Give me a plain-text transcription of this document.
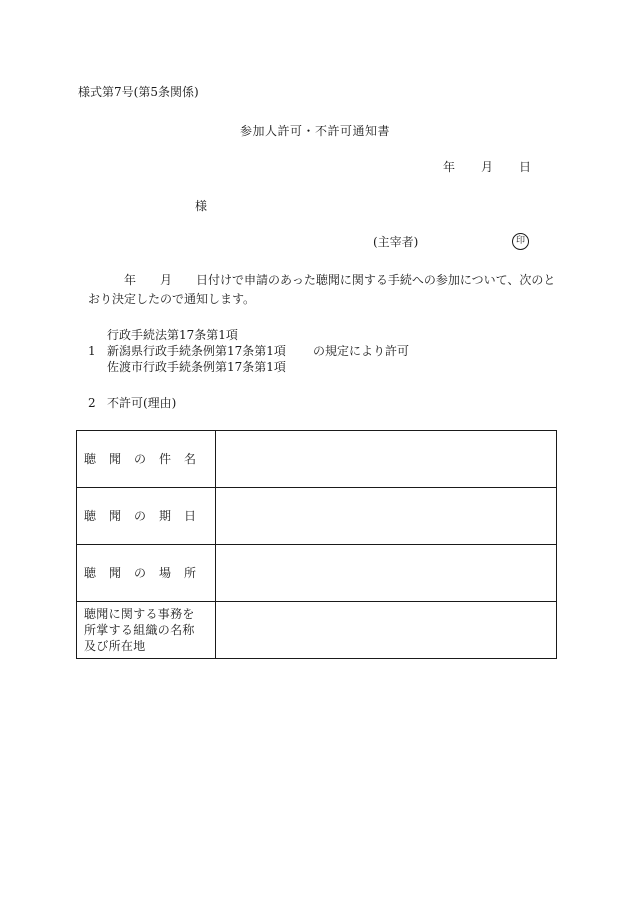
様式第7号(第5条関係)
参加人許可・不許可通知書
年 月 日
様
(主宰者)	印
年　　月　　日付けで申請のあった聴聞に関する手続への参加について、次のと
おり決定したので通知します。
行政手続法第17条第1項
1 新潟県行政手続条例第17条第1項 の規定により許可
佐渡市行政手続条例第17条第1項
2 不許可(理由)
聴 聞 の 件 名	

聴 聞 の 期 日	

聴 聞 の 場 所	

聴聞に関する事務を
所掌する組織の名称
及び所在地	
